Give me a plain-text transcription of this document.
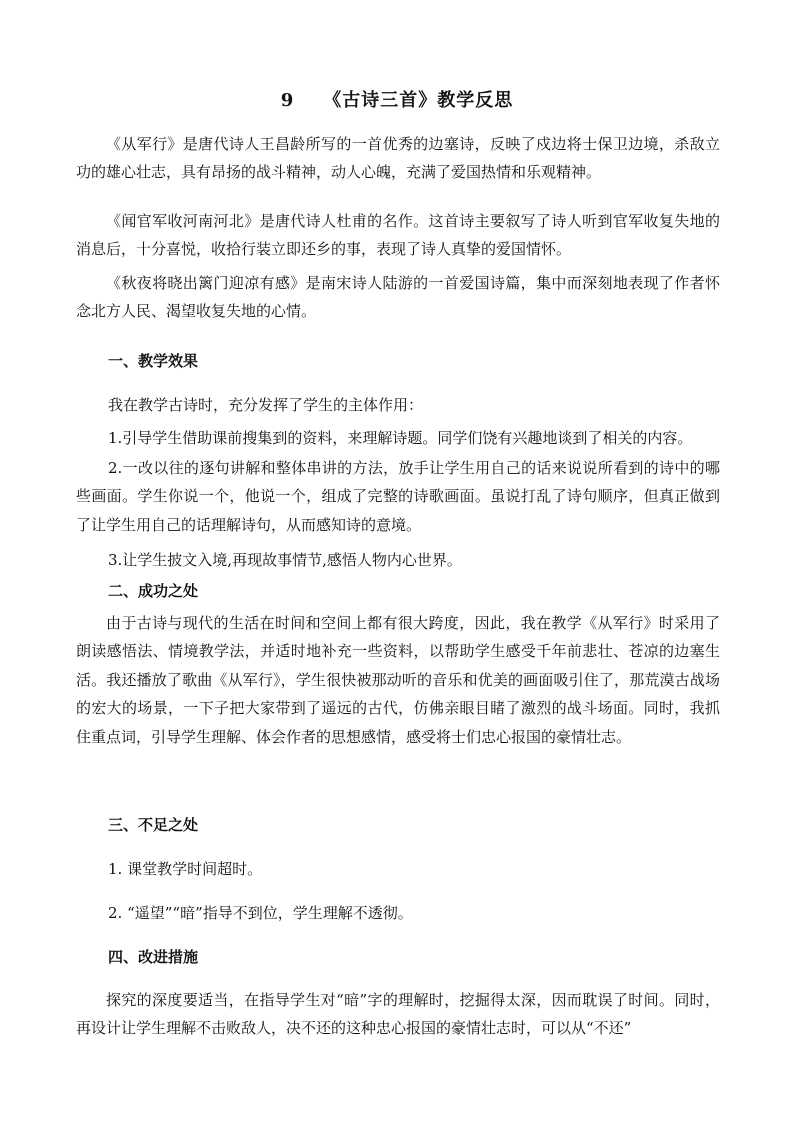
9    《古诗三首》教学反思

《从军行》是唐代诗人王昌龄所写的一首优秀的边塞诗，反映了戍边将士保卫边境，杀敌立功的雄心壮志，具有昂扬的战斗精神，动人心魄，充满了爱国热情和乐观精神。

《闻官军收河南河北》是唐代诗人杜甫的名作。这首诗主要叙写了诗人听到官军收复失地的消息后，十分喜悦，收拾行装立即还乡的事，表现了诗人真挚的爱国情怀。

《秋夜将晓出篱门迎凉有感》是南宋诗人陆游的一首爱国诗篇，集中而深刻地表现了作者怀念北方人民、渴望收复失地的心情。

一、教学效果
我在教学古诗时，充分发挥了学生的主体作用：

1.引导学生借助课前搜集到的资料，来理解诗题。同学们饶有兴趣地谈到了相关的内容。

2.一改以往的逐句讲解和整体串讲的方法，放手让学生用自己的话来说说所看到的诗中的哪些画面。学生你说一个，他说一个，组成了完整的诗歌画面。虽说打乱了诗句顺序，但真正做到了让学生用自己的话理解诗句，从而感知诗的意境。

3.让学生披文入境,再现故事情节,感悟人物内心世界。
二、成功之处

由于古诗与现代的生活在时间和空间上都有很大跨度，因此，我在教学《从军行》时采用了朗读感悟法、情境教学法，并适时地补充一些资料，以帮助学生感受千年前悲壮、苍凉的边塞生活。我还播放了歌曲《从军行》，学生很快被那动听的音乐和优美的画面吸引住了，那荒漠古战场的宏大的场景，一下子把大家带到了遥远的古代，仿佛亲眼目睹了激烈的战斗场面。同时，我抓住重点词，引导学生理解、体会作者的思想感情，感受将士们忠心报国的豪情壮志。

三、不足之处
1. 课堂教学时间超时。
2. “遥望”“暗”指导不到位，学生理解不透彻。
四、改进措施

探究的深度要适当，在指导学生对“暗”字的理解时，挖掘得太深，因而耽误了时间。同时，再设计让学生理解不击败敌人，决不还的这种忠心报国的豪情壮志时，可以从“不还”
